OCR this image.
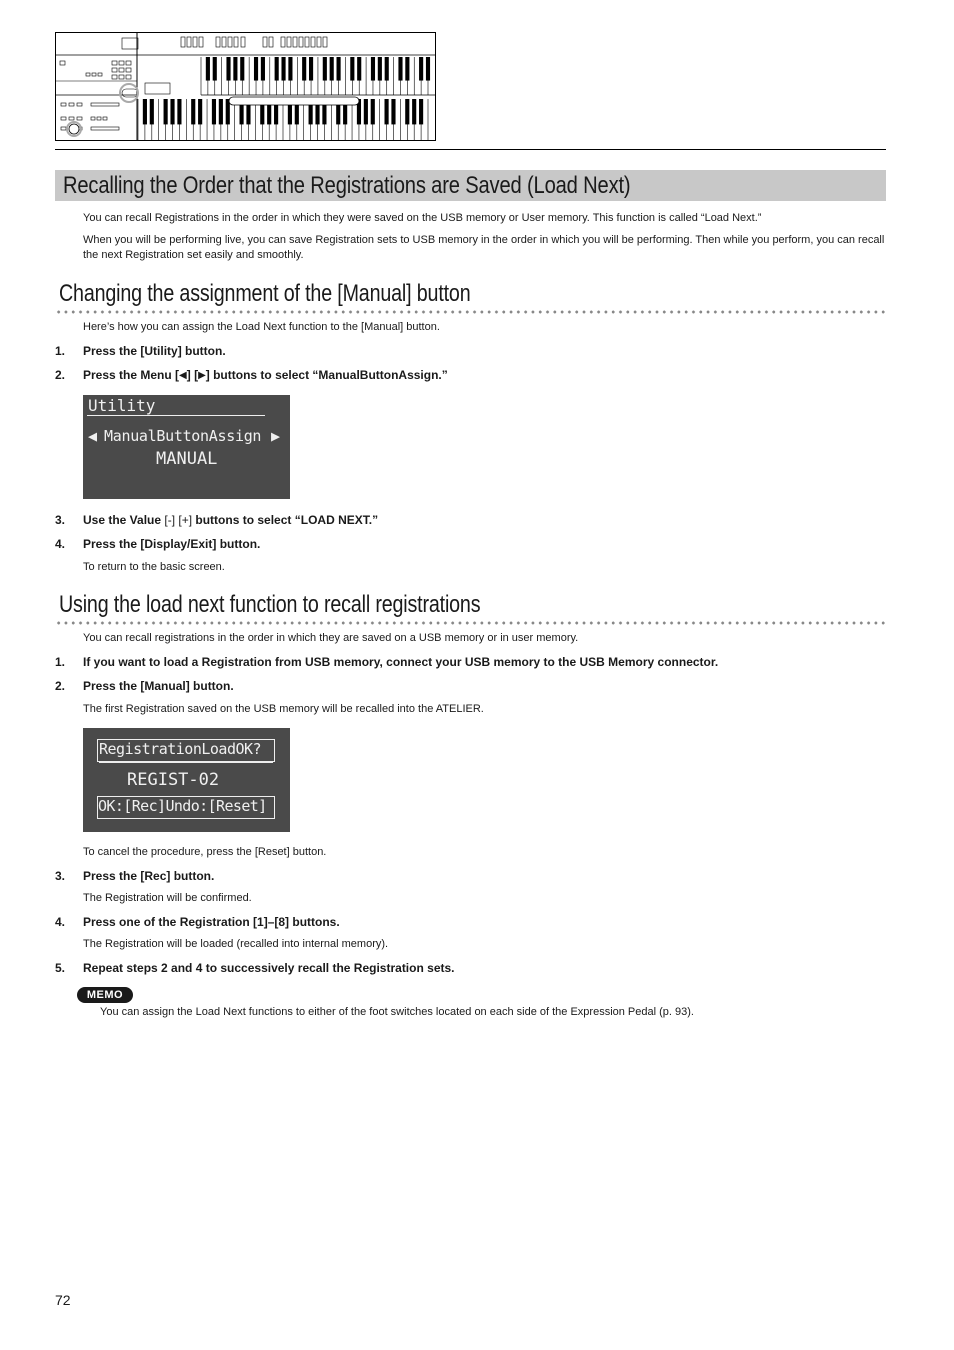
Recalling the Order that the Registrations are Saved (Load Next)
You can recall Registrations in the order in which they were saved on the USB memory or User memory. This function is called “Load Next.”
When you will be performing live, you can save Registration sets to USB memory in the order in which you will be performing. Then while you perform, you can recall the next Registration set easily and smoothly.
Changing the assignment of the [Manual] button
Here’s how you can assign the Load Next function to the [Manual] button.
1. Press the [Utility] button.
2. Press the Menu [◀] [▶] buttons to select “ManualButtonAssign.”
Utility
◀ ManualButtonAssign ▶
MANUAL
3. Use the Value [-] [+] buttons to select “LOAD NEXT.”
4. Press the [Display/Exit] button.
To return to the basic screen.
Using the load next function to recall registrations
You can recall registrations in the order in which they are saved on a USB memory or in user memory.
1. If you want to load a Registration from USB memory, connect your USB memory to the USB Memory connector.
2. Press the [Manual] button.
The first Registration saved on the USB memory will be recalled into the ATELIER.
RegistrationLoadOK?
REGIST-02
OK:[Rec]Undo:[Reset]
To cancel the procedure, press the [Reset] button.
3. Press the [Rec] button.
The Registration will be confirmed.
4. Press one of the Registration [1]–[8] buttons.
The Registration will be loaded (recalled into internal memory).
5. Repeat steps 2 and 4 to successively recall the Registration sets.
MEMO
You can assign the Load Next functions to either of the foot switches located on each side of the Expression Pedal (p. 93).
72
